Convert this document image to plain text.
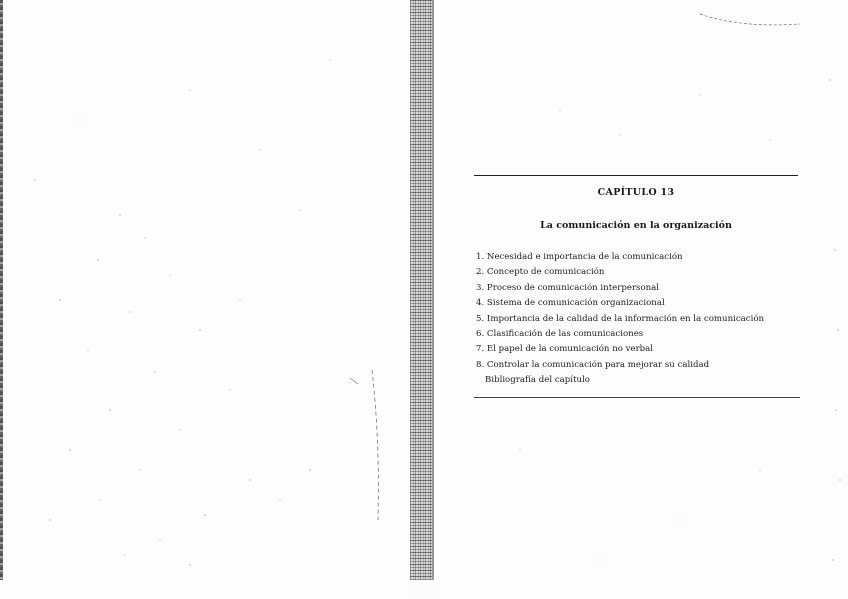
CAPÍTULO 13
La comunicación en la organización
1. Necesidad e importancia de la comunicación
2. Concepto de comunicación
3. Proceso de comunicación interpersonal
4. Sistema de comunicación organizacional
5. Importancia de la calidad de la información en la comunicación
6. Clasificación de las comunicaciones
7. El papel de la comunicación no verbal
8. Controlar la comunicación para mejorar su calidad
Bibliografía del capítulo
